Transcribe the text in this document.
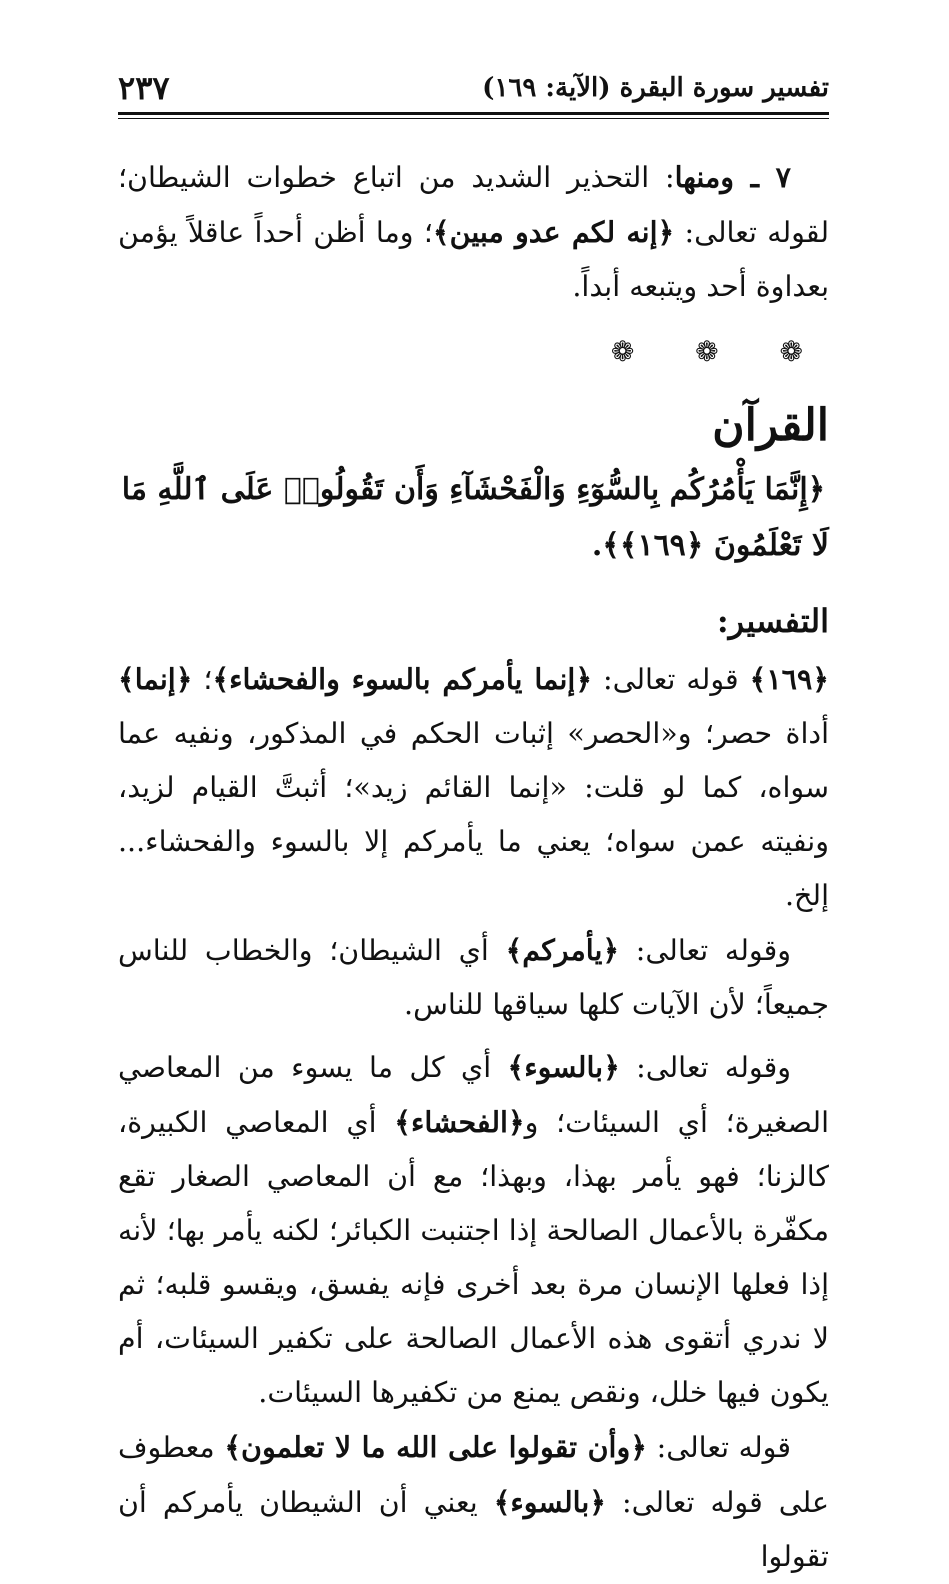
تفسير سورة البقرة (الآية: ١٦٩)
٢٣٧

٧ ـ ومنها: التحذير الشديد من اتباع خطوات الشيطان؛ لقوله تعالى: ﴿إنه لكم عدو مبين﴾؛ وما أظن أحداً عاقلاً يؤمن بعداوة أحد ويتبعه أبداً.

❁ ❁ ❁
القرآن
﴿إِنَّمَا يَأْمُرُكُم بِالسُّوٓءِ وَالْفَحْشَآءِ وَأَن تَقُولُوا۟ عَلَى ٱللَّهِ مَا لَا تَعْلَمُونَ ﴿١٦٩﴾﴾.
التفسير:

﴿١٦٩﴾ قوله تعالى: ﴿إنما يأمركم بالسوء والفحشاء﴾؛ ﴿إنما﴾ أداة حصر؛ و«الحصر» إثبات الحكم في المذكور، ونفيه عما سواه، كما لو قلت: «إنما القائم زيد»؛ أثبتَّ القيام لزيد، ونفيته عمن سواه؛ يعني ما يأمركم إلا بالسوء والفحشاء... إلخ.

وقوله تعالى: ﴿يأمركم﴾ أي الشيطان؛ والخطاب للناس جميعاً؛ لأن الآيات كلها سياقها للناس.

وقوله تعالى: ﴿بالسوء﴾ أي كل ما يسوء من المعاصي الصغيرة؛ أي السيئات؛ و﴿الفحشاء﴾ أي المعاصي الكبيرة، كالزنا؛ فهو يأمر بهذا، وبهذا؛ مع أن المعاصي الصغار تقع مكفّرة بالأعمال الصالحة إذا اجتنبت الكبائر؛ لكنه يأمر بها؛ لأنه إذا فعلها الإنسان مرة بعد أخرى فإنه يفسق، ويقسو قلبه؛ ثم لا ندري أتقوى هذه الأعمال الصالحة على تكفير السيئات، أم يكون فيها خلل، ونقص يمنع من تكفيرها السيئات.

قوله تعالى: ﴿وأن تقولوا على الله ما لا تعلمون﴾ معطوف على قوله تعالى: ﴿بالسوء﴾ يعني أن الشيطان يأمركم أن تقولوا
